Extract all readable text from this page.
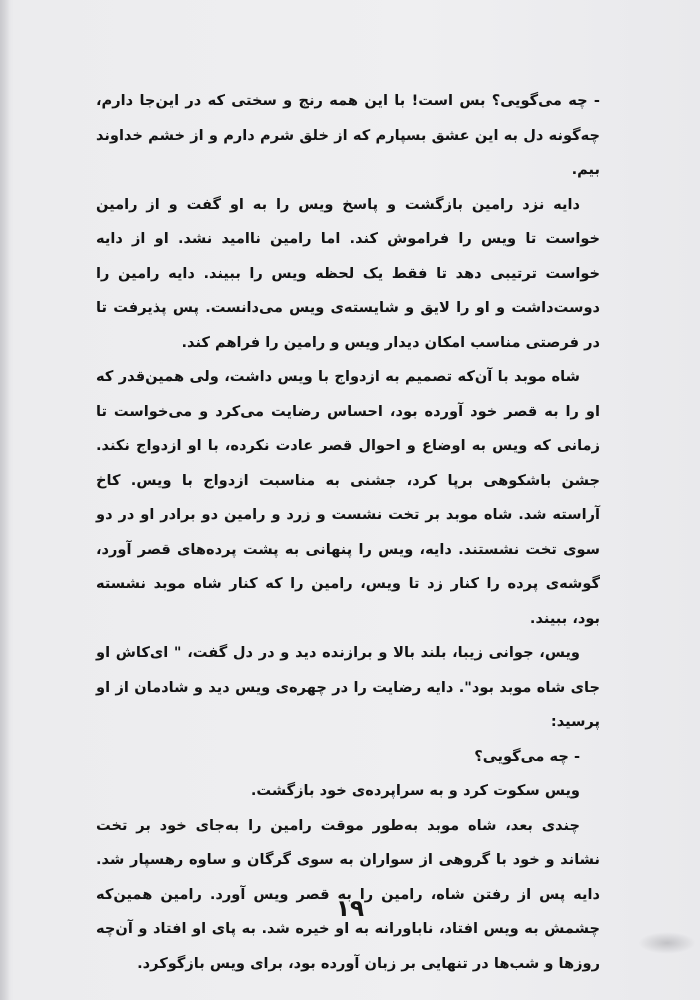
- چه می‌گویی؟ بس است! با این همه رنج و سختی که در این‌جا دارم، چه‌گونه دل به این عشق بسپارم که از خلق شرم دارم و از خشم خداوند بیم.

دایه نزد رامین بازگشت و پاسخ ویس را به او گفت و از رامین خواست تا ویس را فراموش کند. اما رامین ناامید نشد. او از دایه خواست ترتیبی دهد تا فقط یک لحظه ویس را ببیند. دایه رامین را دوست‌داشت و او را لایق و شایسته‌ی ویس می‌دانست. پس پذیرفت تا در فرصتی مناسب امکان دیدار ویس و رامین را فراهم کند.

شاه موبد با آن‌که تصمیم به ازدواج با ویس داشت، ولی همین‌قدر که او را به قصر خود آورده بود، احساس رضایت می‌کرد و می‌خواست تا زمانی که ویس به اوضاع و احوال قصر عادت نکرده، با او ازدواج نکند. جشن باشکوهی برپا کرد، جشنی به مناسبت ازدواج با ویس. کاخ آراسته شد. شاه موبد بر تخت نشست و زرد و رامین دو برادر او در دو سوی تخت نشستند. دایه، ویس را پنهانی به پشت پرده‌های قصر آورد، گوشه‌ی پرده را کنار زد تا ویس، رامین را که کنار شاه موبد نشسته بود، ببیند.

ویس، جوانی زیبا، بلند بالا و برازنده دید و در دل گفت، " ای‌کاش او جای شاه موبد بود". دایه رضایت را در چهره‌ی ویس دید و شادمان از او پرسید:

- چه می‌گویی؟

ویس سکوت کرد و به سراپرده‌ی خود بازگشت.

چندی بعد، شاه موبد به‌طور موقت رامین را به‌جای خود بر تخت نشاند و خود با گروهی از سواران به سوی گرگان و ساوه رهسپار شد. دایه پس از رفتن شاه، رامین را به قصر ویس آورد. رامین همین‌که چشمش به ویس افتاد، ناباورانه به او خیره شد. به پای او افتاد و آن‌چه روزها و شب‌ها در تنهایی بر زبان آورده بود، برای ویس بازگوکرد.

۱۹
